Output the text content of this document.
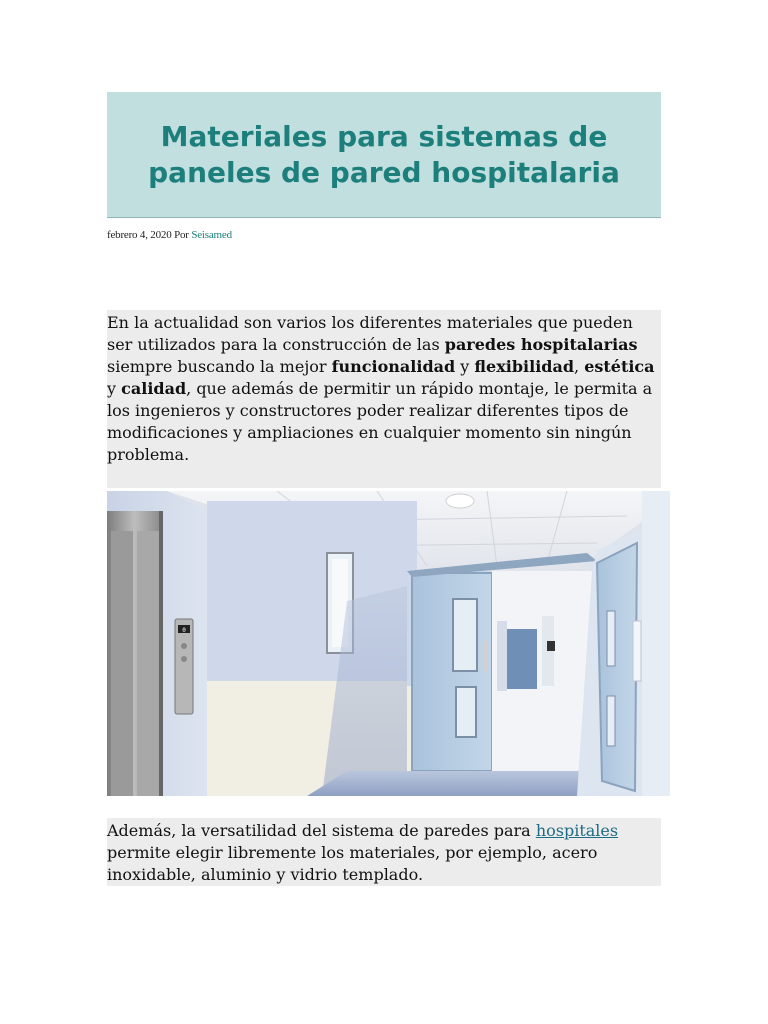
Materiales para sistemas de
paneles de pared hospitalaria
febrero 4, 2020 Por Seisamed
En la actualidad son varios los diferentes materiales que pueden ser utilizados para la construcción de las paredes hospitalarias siempre buscando la mejor funcionalidad y flexibilidad, estética y calidad, que además de permitir un rápido montaje, le permita a los ingenieros y constructores poder realizar diferentes tipos de modificaciones y ampliaciones en cualquier momento sin ningún problema.
0
Además, la versatilidad del sistema de paredes para hospitales permite elegir libremente los materiales, por ejemplo, acero inoxidable, aluminio y vidrio templado.
